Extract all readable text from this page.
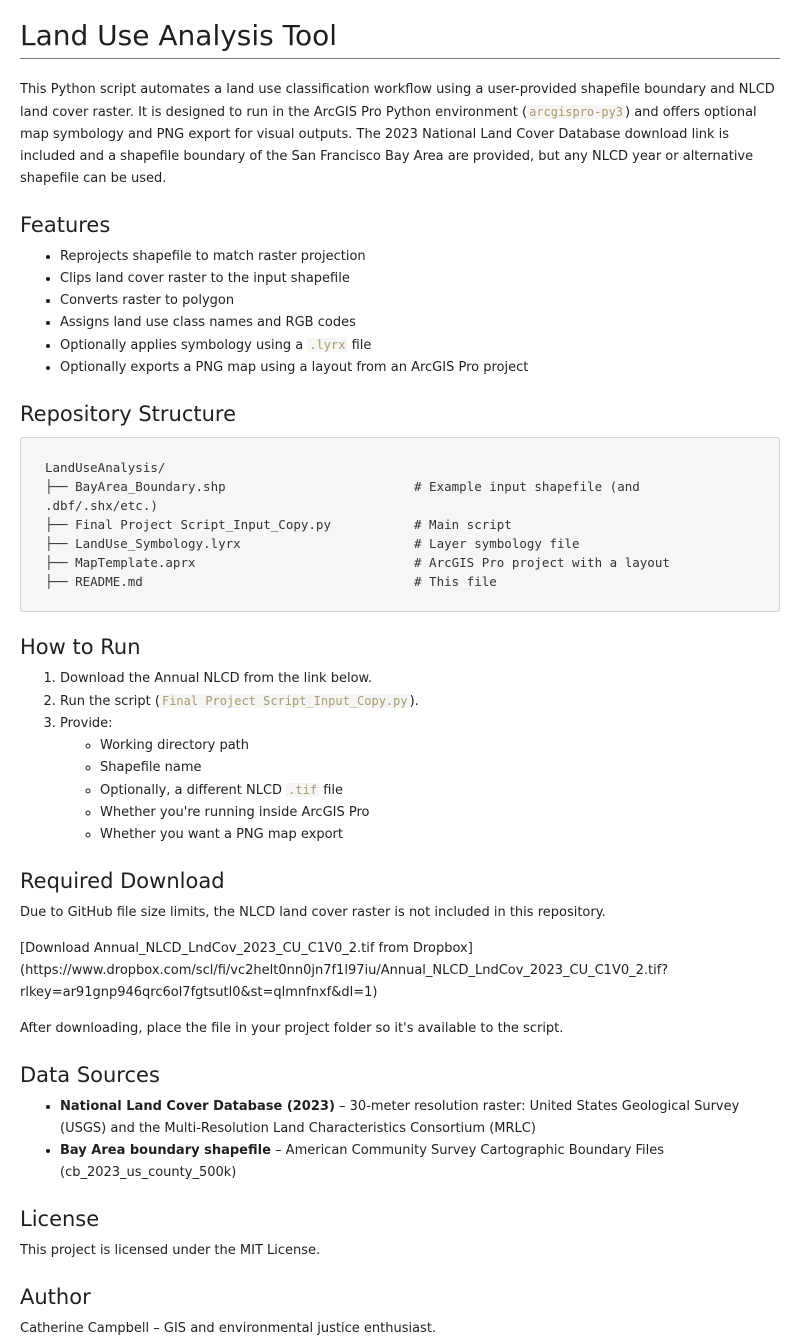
Land Use Analysis Tool

This Python script automates a land use classification workflow using a user-provided shapefile boundary and NLCD land cover raster. It is designed to run in the ArcGIS Pro Python environment ( arcgispro-py3 ) and offers optional map symbology and PNG export for visual outputs. The 2023 National Land Cover Database download link is included and a shapefile boundary of the San Francisco Bay Area are provided, but any NLCD year or alternative shapefile can be used.

Features
• Reprojects shapefile to match raster projection
• Clips land cover raster to the input shapefile
• Converts raster to polygon
• Assigns land use class names and RGB codes
• Optionally applies symbology using a .lyrx file
• Optionally exports a PNG map using a layout from an ArcGIS Pro project
Repository Structure
LandUseAnalysis/
├── BayArea_Boundary.shp	# Example input shapefile (and
.dbf/.shx/etc.)
├── Final Project Script_Input_Copy.py	# Main script
├── LandUse_Symbology.lyrx	# Layer symbology file
├── MapTemplate.aprx	# ArcGIS Pro project with a layout
├── README.md	# This file
How to Run
1. Download the Annual NLCD from the link below.
2. Run the script ( Final Project Script_Input_Copy.py ).
3. Provide:
◦ Working directory path
◦ Shapefile name
◦ Optionally, a different NLCD .tif file
◦ Whether you're running inside ArcGIS Pro
◦ Whether you want a PNG map export
Required Download

Due to GitHub file size limits, the NLCD land cover raster is not included in this repository.

[Download Annual_NLCD_LndCov_2023_CU_C1V0_2.tif from Dropbox]
(https://www.dropbox.com/scl/fi/vc2helt0nn0jn7f1l97iu/Annual_NLCD_LndCov_2023_CU_C1V0_2.tif?
rlkey=ar91gnp946qrc6ol7fgtsutl0&st=qlmnfnxf&dl=1)

After downloading, place the file in your project folder so it's available to the script.

Data Sources
• National Land Cover Database (2023) – 30-meter resolution raster: United States Geological Survey (USGS) and the Multi-Resolution Land Characteristics Consortium (MRLC)
• Bay Area boundary shapefile – American Community Survey Cartographic Boundary Files (cb_2023_us_county_500k)
License

This project is licensed under the MIT License.

Author

Catherine Campbell – GIS and environmental justice enthusiast.
